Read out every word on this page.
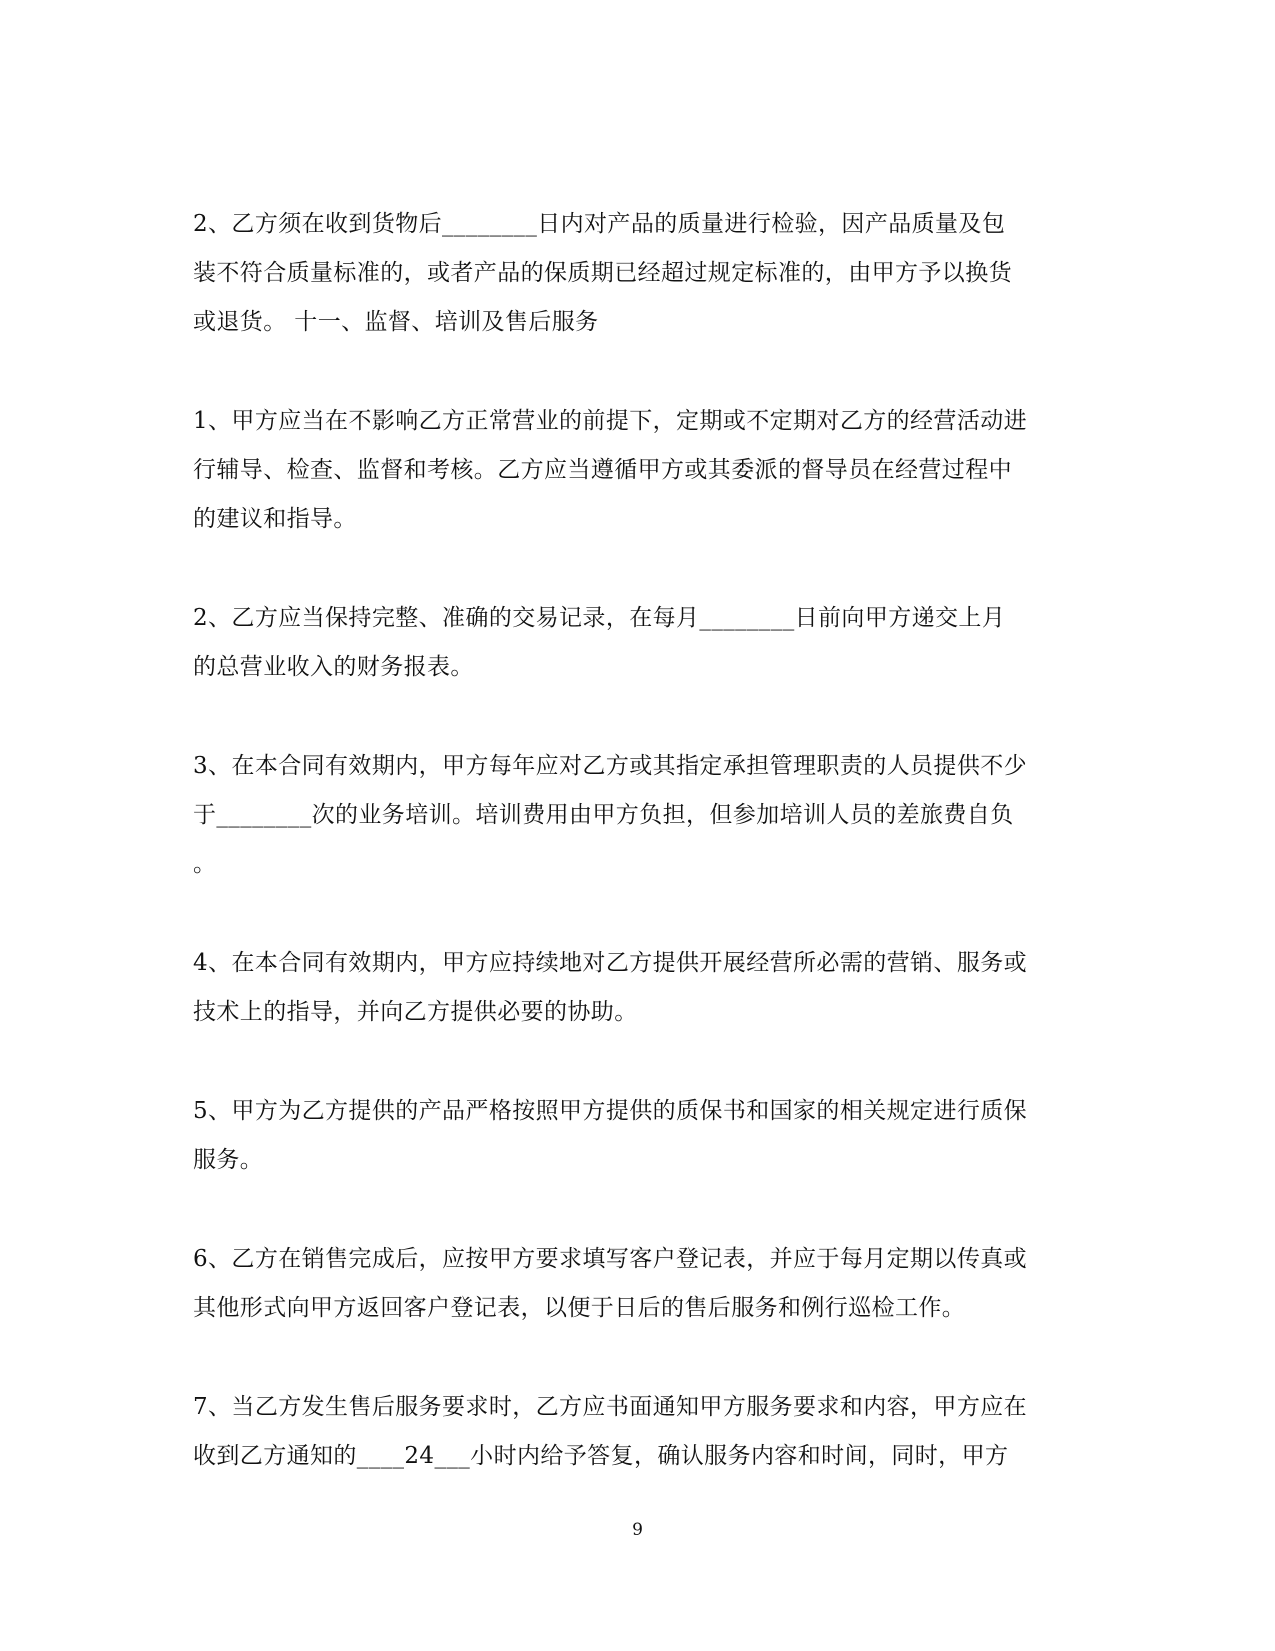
2、乙方须在收到货物后________日内对产品的质量进行检验，因产品质量及包
装不符合质量标准的，或者产品的保质期已经超过规定标准的，由甲方予以换货
或退货。 十一、监督、培训及售后服务

1、甲方应当在不影响乙方正常营业的前提下，定期或不定期对乙方的经营活动进
行辅导、检查、监督和考核。乙方应当遵循甲方或其委派的督导员在经营过程中
的建议和指导。

2、乙方应当保持完整、准确的交易记录，在每月________日前向甲方递交上月
的总营业收入的财务报表。

3、在本合同有效期内，甲方每年应对乙方或其指定承担管理职责的人员提供不少
于________次的业务培训。培训费用由甲方负担，但参加培训人员的差旅费自负
。

4、在本合同有效期内，甲方应持续地对乙方提供开展经营所必需的营销、服务或
技术上的指导，并向乙方提供必要的协助。

5、甲方为乙方提供的产品严格按照甲方提供的质保书和国家的相关规定进行质保
服务。

6、乙方在销售完成后，应按甲方要求填写客户登记表，并应于每月定期以传真或
其他形式向甲方返回客户登记表，以便于日后的售后服务和例行巡检工作。

7、当乙方发生售后服务要求时，乙方应书面通知甲方服务要求和内容，甲方应在
收到乙方通知的____24___小时内给予答复，确认服务内容和时间，同时，甲方

9
